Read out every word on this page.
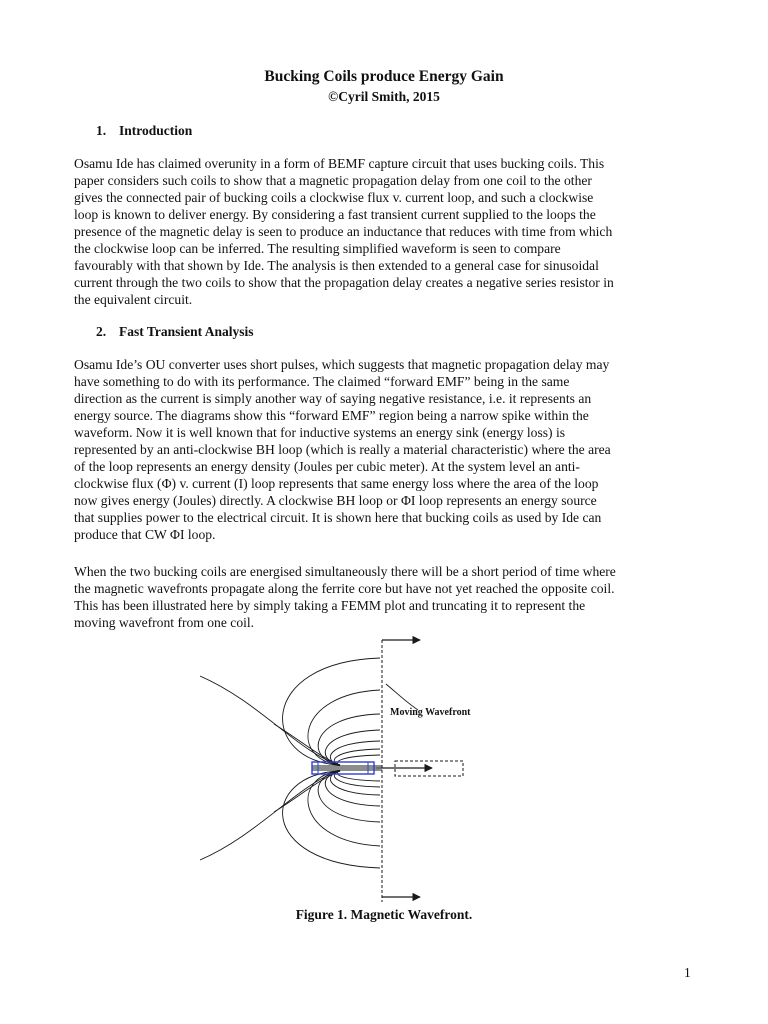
Bucking Coils produce Energy Gain
©Cyril Smith, 2015
1. Introduction

Osamu Ide has claimed overunity in a form of BEMF capture circuit that uses bucking coils. This
paper considers such coils to show that a magnetic propagation delay from one coil to the other
gives the connected pair of bucking coils a clockwise flux v. current loop, and such a clockwise
loop is known to deliver energy. By considering a fast transient current supplied to the loops the
presence of the magnetic delay is seen to produce an inductance that reduces with time from which
the clockwise loop can be inferred. The resulting simplified waveform is seen to compare
favourably with that shown by Ide. The analysis is then extended to a general case for sinusoidal
current through the two coils to show that the propagation delay creates a negative series resistor in
the equivalent circuit.

2. Fast Transient Analysis

Osamu Ide’s OU converter uses short pulses, which suggests that magnetic propagation delay may
have something to do with its performance. The claimed “forward EMF” being in the same
direction as the current is simply another way of saying negative resistance, i.e. it represents an
energy source. The diagrams show this “forward EMF” region being a narrow spike within the
waveform. Now it is well known that for inductive systems an energy sink (energy loss) is
represented by an anti-clockwise BH loop (which is really a material characteristic) where the area
of the loop represents an energy density (Joules per cubic meter). At the system level an anti-
clockwise flux (Φ) v. current (I) loop represents that same energy loss where the area of the loop
now gives energy (Joules) directly. A clockwise BH loop or ΦI loop represents an energy source
that supplies power to the electrical circuit. It is shown here that bucking coils as used by Ide can
produce that CW ΦI loop.

When the two bucking coils are energised simultaneously there will be a short period of time where
the magnetic wavefronts propagate along the ferrite core but have not yet reached the opposite coil.
This has been illustrated here by simply taking a FEMM plot and truncating it to represent the
moving wavefront from one coil.

Moving Wavefront
Figure 1. Magnetic Wavefront.
1
